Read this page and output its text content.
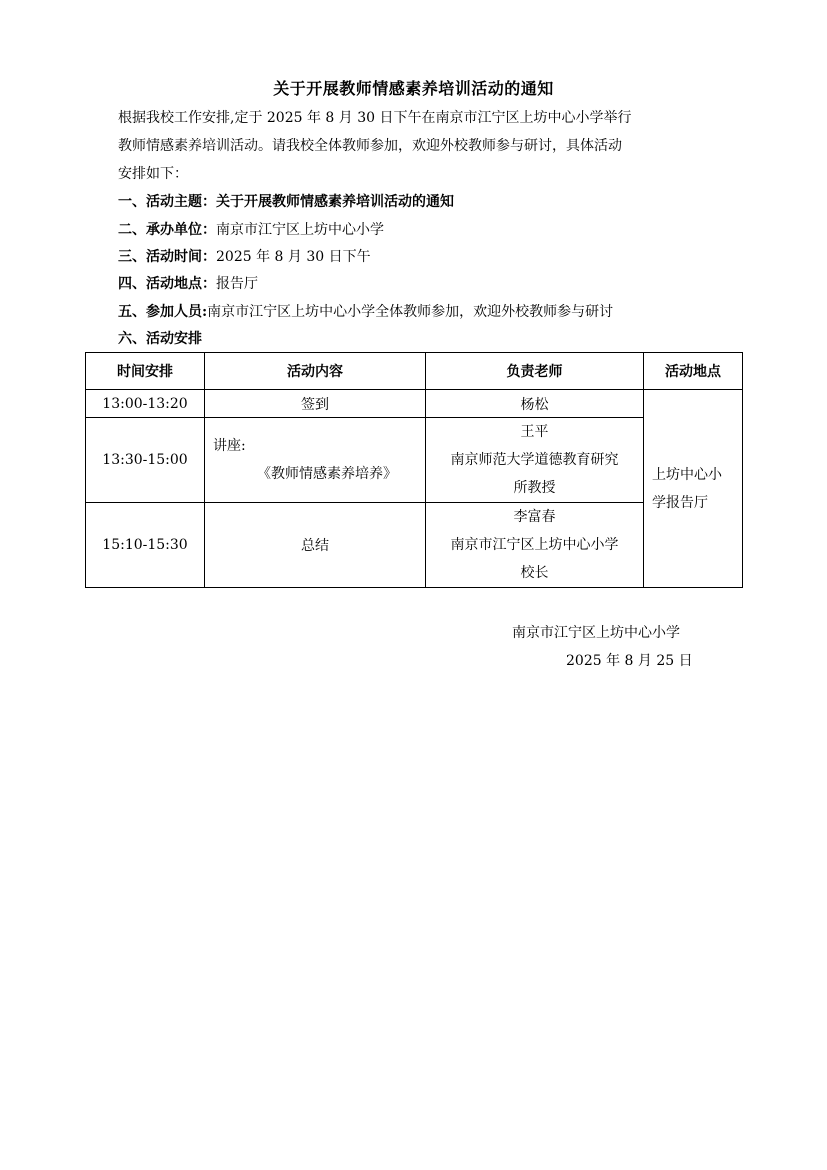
关于开展教师情感素养培训活动的通知
根据我校工作安排,定于 2025 年 8 月 30 日下午在南京市江宁区上坊中心小学举行
教师情感素养培训活动。请我校全体教师参加，欢迎外校教师参与研讨，具体活动
安排如下：
一、活动主题：关于开展教师情感素养培训活动的通知
二、承办单位：南京市江宁区上坊中心小学
三、活动时间：2025 年 8 月 30 日下午
四、活动地点：报告厅
五、参加人员:南京市江宁区上坊中心小学全体教师参加，欢迎外校教师参与研讨
六、活动安排
时间安排	活动内容	负责老师	活动地点
13:00-13:20	签到	杨松	上坊中心小
学报告厅
13:30-15:00	讲座:
《教师情感素养培养》	王平
南京师范大学道德教育研究
所教授	

15:10-15:30	总结	李富春
南京市江宁区上坊中心小学
校长	
南京市江宁区上坊中心小学
2025 年 8 月 25 日
